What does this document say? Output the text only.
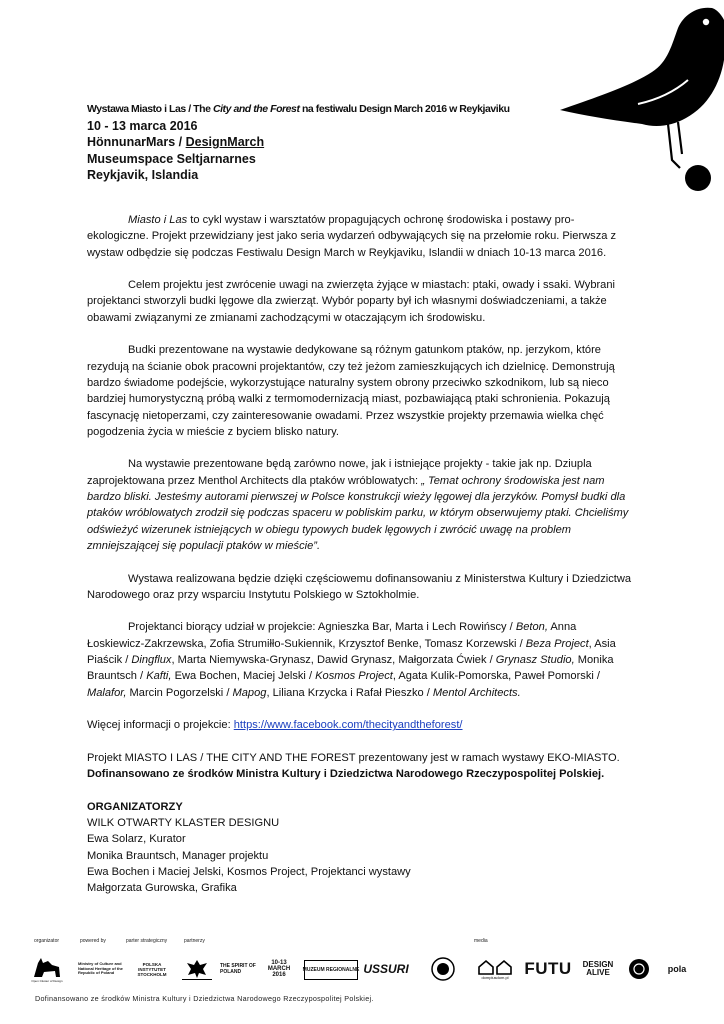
Wystawa Miasto i Las / The City and the Forest na festiwalu Design March 2016 w Reykjaviku
10 - 13 marca 2016
HönnunarMars / DesignMarch
Museumspace Seltjarnarnes
Reykjavik, Islandia

Miasto i Las to cykl wystaw i warsztatów propagujących ochronę środowiska i postawy pro-ekologiczne. Projekt przewidziany jest jako seria wydarzeń odbywających się na przełomie roku. Pierwsza z wystaw odbędzie się podczas Festiwalu Design March w Reykjaviku, Islandii w dniach 10-13 marca 2016.

Celem projektu jest zwrócenie uwagi na zwierzęta żyjące w miastach: ptaki, owady i ssaki. Wybrani projektanci stworzyli budki lęgowe dla zwierząt. Wybór poparty był ich własnymi doświadczeniami, a także obawami związanymi ze zmianami zachodzącymi w otaczającym ich środowisku.

Budki prezentowane na wystawie dedykowane są różnym gatunkom ptaków, np. jerzykom, które rezydują na ścianie obok pracowni projektantów, czy też jeżom zamieszkujących ich dzielnicę. Demonstrują bardzo świadome podejście, wykorzystujące naturalny system obrony przeciwko szkodnikom, lub są nieco bardziej humorystyczną próbą walki z termomodernizacją miast, pozbawiającą ptaki schronienia. Pokazują fascynację nietoperzami, czy zainteresowanie owadami. Przez wszystkie projekty przemawia wielka chęć pogodzenia życia w mieście z byciem blisko natury.

Na wystawie prezentowane będą zarówno nowe, jak i istniejące projekty - takie jak np. Dziupla zaprojektowana przez Menthol Architects dla ptaków wróblowatych: „ Temat ochrony środowiska jest nam bardzo bliski. Jesteśmy autorami pierwszej w Polsce konstrukcji wieży lęgowej dla jerzyków. Pomysł budki dla ptaków wróblowatych zrodził się podczas spaceru w pobliskim parku, w którym obserwujemy ptaki. Chcieliśmy odświeżyć wizerunek istniejących w obiegu typowych budek lęgowych i zwrócić uwagę na problem zmniejszającej się populacji ptaków w mieście”.

Wystawa realizowana będzie dzięki częściowemu dofinansowaniu z Ministerstwa Kultury i Dziedzictwa Narodowego oraz przy wsparciu Instytutu Polskiego w Sztokholmie.

Projektanci biorący udział w projekcie: Agnieszka Bar, Marta i Lech Rowińscy / Beton, Anna Łoskiewicz-Zakrzewska, Zofia Strumiłło-Sukiennik, Krzysztof Benke, Tomasz Korzewski / Beza Project, Asia Piaścik / Dingflux, Marta Niemywska-Grynasz, Dawid Grynasz, Małgorzata Ćwiek / Grynasz Studio, Monika Brauntsch / Kafti, Ewa Bochen, Maciej Jelski / Kosmos Project, Agata Kulik-Pomorska, Paweł Pomorski / Malafor, Marcin Pogorzelski / Mapog, Liliana Krzycka i Rafał Pieszko / Mentol Architects.

Więcej informacji o projekcie: https://www.facebook.com/thecityandtheforest/

Projekt MIASTO I LAS / THE CITY AND THE FOREST prezentowany jest w ramach wystawy EKO-MIASTO.
Dofinansowano ze środków Ministra Kultury i Dziedzictwa Narodowego Rzeczypospolitej Polskiej.
ORGANIZATORZY
WILK OTWARTY KLASTER DESIGNU
Ewa Solarz, Kurator
Monika Brauntsch, Manager projektu
Ewa Bochen i Maciej Jelski, Kosmos Project, Projektanci wystawy
Małgorzata Gurowska, Grafika
organizator	powered by	parter strategiczny	partnerzy	media
Open Cluster of Design
Ministry of Culture and National Heritage of the Republic of Poland
POLSKA INSTYTUTET STOCKHOLM
THE SPIRIT OF POLAND
10-13 MARCH 2016
MUZEUM REGIONALNE USSURI
domplusdom.pl FUTU	DESIGN ALIVE	pola
Dofinansowano ze środków Ministra Kultury i Dziedzictwa Narodowego Rzeczypospolitej Polskiej.
